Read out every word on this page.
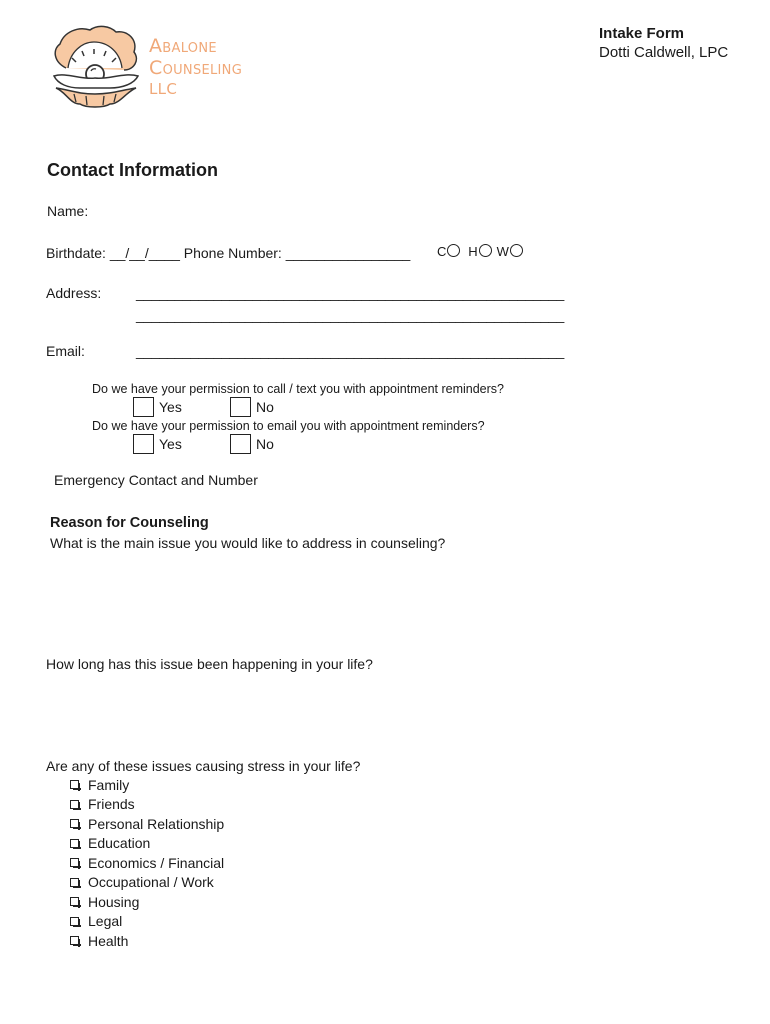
Abalone
Counseling
LLC
Intake Form
Dotti Caldwell, LPC
Contact Information
Name:
Birthdate: __/__/____ Phone Number: ________________ C H W
Address: _______________________________________________________
_______________________________________________________
Email:	_______________________________________________________
Do we have your permission to call / text you with appointment reminders?
Yes	No
Do we have your permission to email you with appointment reminders?
Yes	No
Emergency Contact and Number
Reason for Counseling
What is the main issue you would like to address in counseling?
How long has this issue been happening in your life?
Are any of these issues causing stress in your life?
Family
Friends
Personal Relationship
Education
Economics / Financial
Occupational / Work
Housing
Legal
Health
